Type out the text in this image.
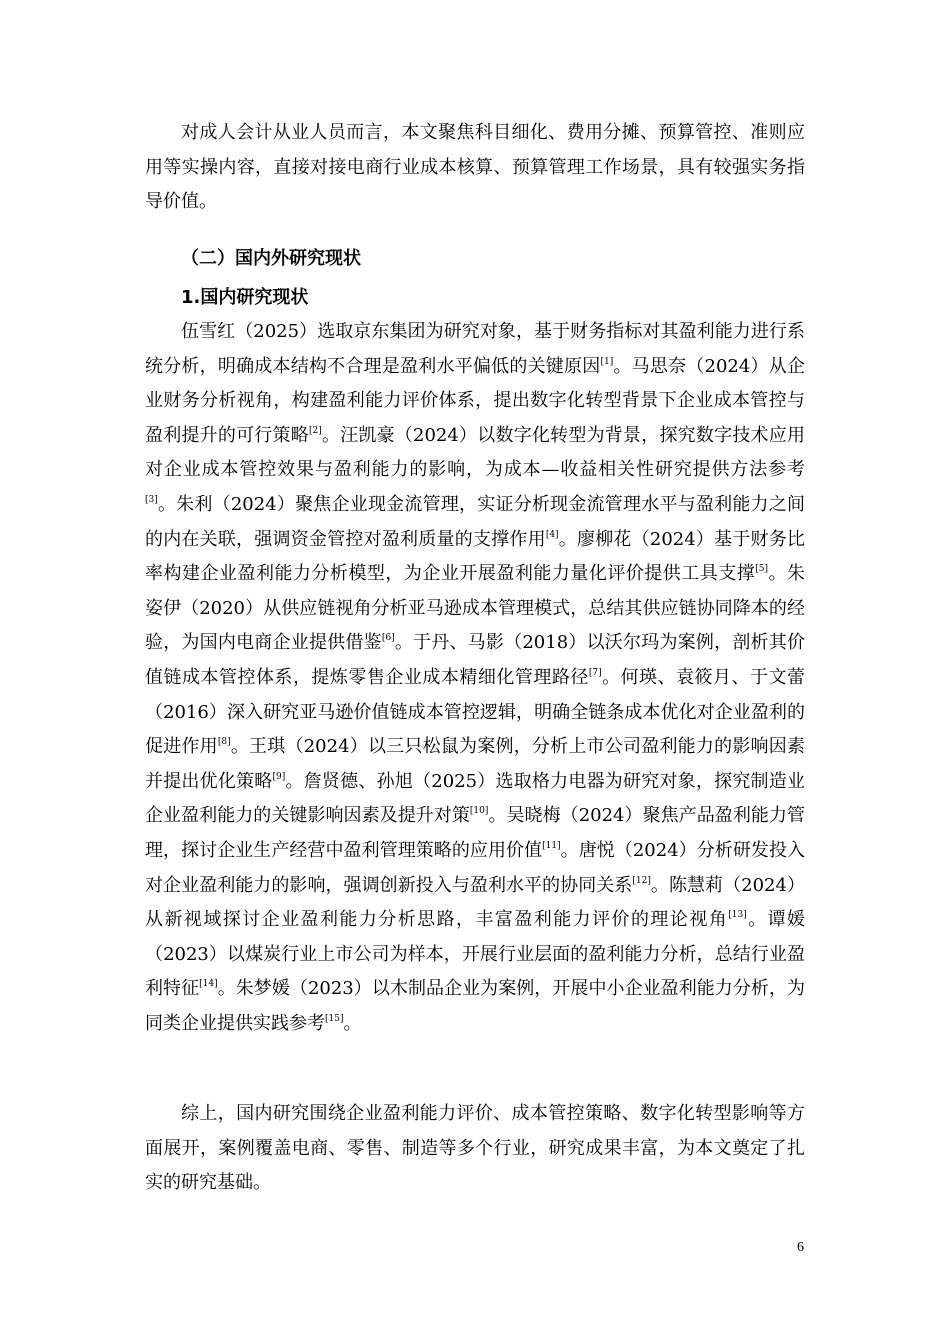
对成人会计从业人员而言，本文聚焦科目细化、费用分摊、预算管控、准则应用等实操内容，直接对接电商行业成本核算、预算管理工作场景，具有较强实务指导价值。

（二）国内外研究现状

1.国内研究现状

伍雪红（2025）选取京东集团为研究对象，基于财务指标对其盈利能力进行系统分析，明确成本结构不合理是盈利水平偏低的关键原因[1]。马思奈（2024）从企业财务分析视角，构建盈利能力评价体系，提出数字化转型背景下企业成本管控与盈利提升的可行策略[2]。汪凯豪（2024）以数字化转型为背景，探究数字技术应用对企业成本管控效果与盈利能力的影响，为成本—收益相关性研究提供方法参考[3]。朱利（2024）聚焦企业现金流管理，实证分析现金流管理水平与盈利能力之间的内在关联，强调资金管控对盈利质量的支撑作用[4]。廖柳花（2024）基于财务比率构建企业盈利能力分析模型，为企业开展盈利能力量化评价提供工具支撑[5]。朱姿伊（2020）从供应链视角分析亚马逊成本管理模式，总结其供应链协同降本的经验，为国内电商企业提供借鉴[6]。于丹、马影（2018）以沃尔玛为案例，剖析其价值链成本管控体系，提炼零售企业成本精细化管理路径[7]。何瑛、袁筱月、于文蕾（2016）深入研究亚马逊价值链成本管控逻辑，明确全链条成本优化对企业盈利的促进作用[8]。王琪（2024）以三只松鼠为案例，分析上市公司盈利能力的影响因素并提出优化策略[9]。詹贤德、孙旭（2025）选取格力电器为研究对象，探究制造业企业盈利能力的关键影响因素及提升对策[10]。吴晓梅（2024）聚焦产品盈利能力管理，探讨企业生产经营中盈利管理策略的应用价值[11]。唐悦（2024）分析研发投入对企业盈利能力的影响，强调创新投入与盈利水平的协同关系[12]。陈慧莉（2024）从新视域探讨企业盈利能力分析思路，丰富盈利能力评价的理论视角[13]。谭媛（2023）以煤炭行业上市公司为样本，开展行业层面的盈利能力分析，总结行业盈利特征[14]。朱梦媛（2023）以木制品企业为案例，开展中小企业盈利能力分析，为同类企业提供实践参考[15]。

综上，国内研究围绕企业盈利能力评价、成本管控策略、数字化转型影响等方面展开，案例覆盖电商、零售、制造等多个行业，研究成果丰富，为本文奠定了扎实的研究基础。

6
